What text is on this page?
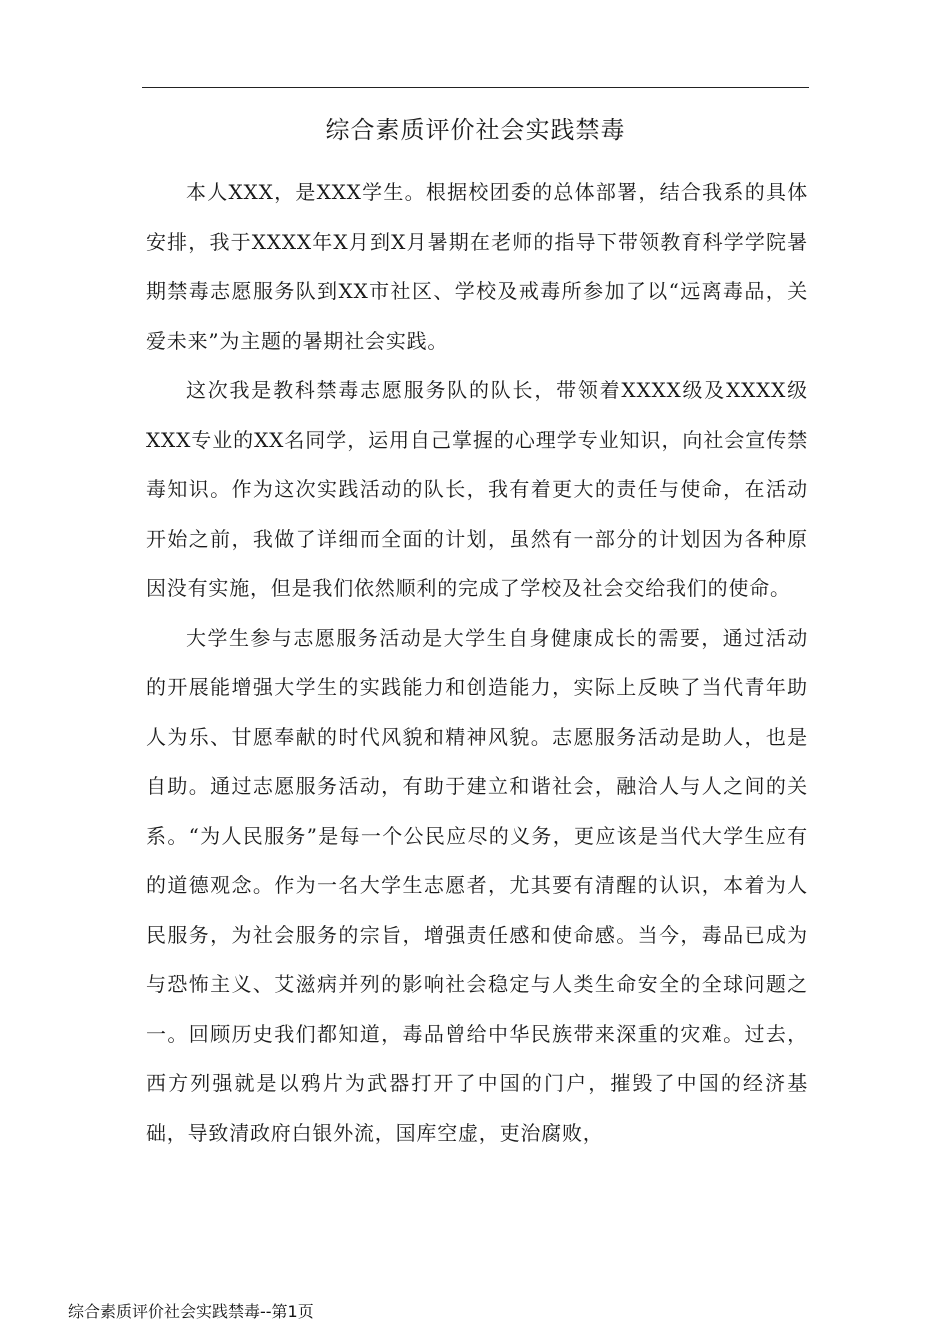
综合素质评价社会实践禁毒

本人XXX，是XXX学生。根据校团委的总体部署，结合我系的具体安排，我于XXXX年X月到X月暑期在老师的指导下带领教育科学学院暑期禁毒志愿服务队到XX市社区、学校及戒毒所参加了以“远离毒品，关爱未来”为主题的暑期社会实践。

这次我是教科禁毒志愿服务队的队长，带领着XXXX级及XXXX级XXX专业的XX名同学，运用自己掌握的心理学专业知识，向社会宣传禁毒知识。作为这次实践活动的队长，我有着更大的责任与使命，在活动开始之前，我做了详细而全面的计划，虽然有一部分的计划因为各种原因没有实施，但是我们依然顺利的完成了学校及社会交给我们的使命。

大学生参与志愿服务活动是大学生自身健康成长的需要，通过活动的开展能增强大学生的实践能力和创造能力，实际上反映了当代青年助人为乐、甘愿奉献的时代风貌和精神风貌。志愿服务活动是助人，也是自助。通过志愿服务活动，有助于建立和谐社会，融洽人与人之间的关系。“为人民服务”是每一个公民应尽的义务，更应该是当代大学生应有的道德观念。作为一名大学生志愿者，尤其要有清醒的认识，本着为人民服务，为社会服务的宗旨，增强责任感和使命感。当今，毒品已成为与恐怖主义、艾滋病并列的影响社会稳定与人类生命安全的全球问题之一。回顾历史我们都知道，毒品曾给中华民族带来深重的灾难。过去，西方列强就是以鸦片为武器打开了中国的门户，摧毁了中国的经济基础，导致清政府白银外流，国库空虚，吏治腐败，

综合素质评价社会实践禁毒--第1页
